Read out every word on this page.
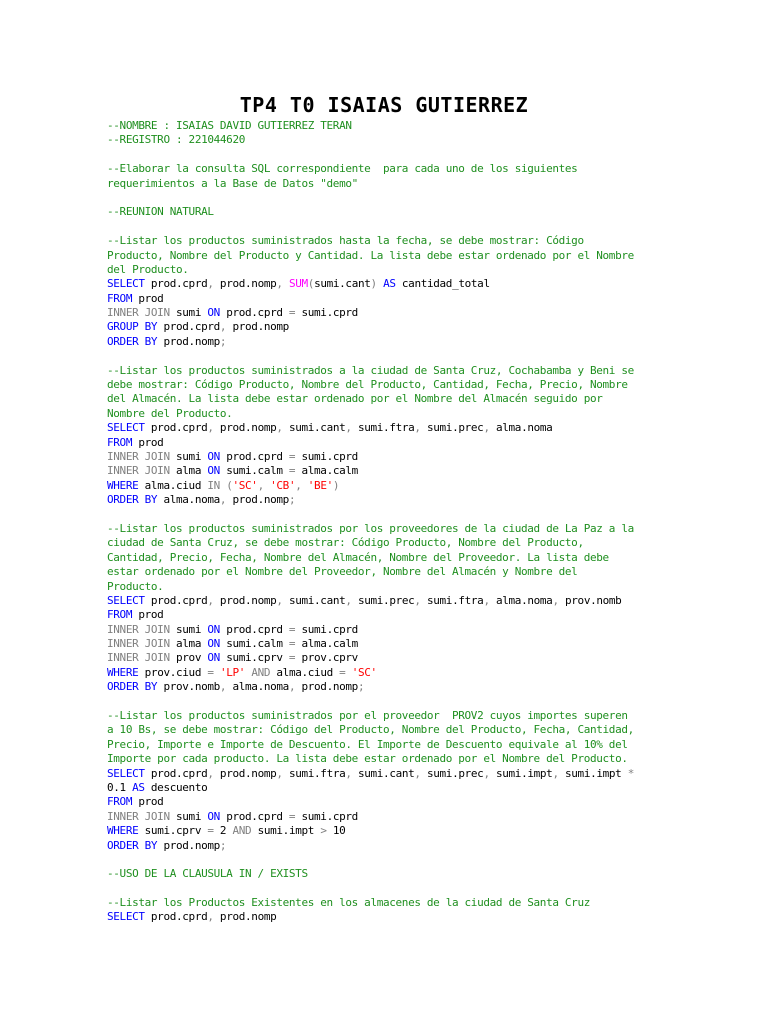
TP4 T0 ISAIAS GUTIERREZ
--NOMBRE : ISAIAS DAVID GUTIERREZ TERAN
--REGISTRO : 221044620

--Elaborar la consulta SQL correspondiente  para cada uno de los siguientes
requerimientos a la Base de Datos "demo"

--REUNION NATURAL

--Listar los productos suministrados hasta la fecha, se debe mostrar: Código
Producto, Nombre del Producto y Cantidad. La lista debe estar ordenado por el Nombre
del Producto.
SELECT prod.cprd, prod.nomp, SUM(sumi.cant) AS cantidad_total
FROM prod
INNER JOIN sumi ON prod.cprd = sumi.cprd
GROUP BY prod.cprd, prod.nomp
ORDER BY prod.nomp;

--Listar los productos suministrados a la ciudad de Santa Cruz, Cochabamba y Beni se
debe mostrar: Código Producto, Nombre del Producto, Cantidad, Fecha, Precio, Nombre
del Almacén. La lista debe estar ordenado por el Nombre del Almacén seguido por
Nombre del Producto.
SELECT prod.cprd, prod.nomp, sumi.cant, sumi.ftra, sumi.prec, alma.noma
FROM prod
INNER JOIN sumi ON prod.cprd = sumi.cprd
INNER JOIN alma ON sumi.calm = alma.calm
WHERE alma.ciud IN ('SC', 'CB', 'BE')
ORDER BY alma.noma, prod.nomp;

--Listar los productos suministrados por los proveedores de la ciudad de La Paz a la
ciudad de Santa Cruz, se debe mostrar: Código Producto, Nombre del Producto,
Cantidad, Precio, Fecha, Nombre del Almacén, Nombre del Proveedor. La lista debe
estar ordenado por el Nombre del Proveedor, Nombre del Almacén y Nombre del
Producto.
SELECT prod.cprd, prod.nomp, sumi.cant, sumi.prec, sumi.ftra, alma.noma, prov.nomb
FROM prod
INNER JOIN sumi ON prod.cprd = sumi.cprd
INNER JOIN alma ON sumi.calm = alma.calm
INNER JOIN prov ON sumi.cprv = prov.cprv
WHERE prov.ciud = 'LP' AND alma.ciud = 'SC'
ORDER BY prov.nomb, alma.noma, prod.nomp;

--Listar los productos suministrados por el proveedor  PROV2 cuyos importes superen
a 10 Bs, se debe mostrar: Código del Producto, Nombre del Producto, Fecha, Cantidad,
Precio, Importe e Importe de Descuento. El Importe de Descuento equivale al 10% del
Importe por cada producto. La lista debe estar ordenado por el Nombre del Producto.
SELECT prod.cprd, prod.nomp, sumi.ftra, sumi.cant, sumi.prec, sumi.impt, sumi.impt *
0.1 AS descuento
FROM prod
INNER JOIN sumi ON prod.cprd = sumi.cprd
WHERE sumi.cprv = 2 AND sumi.impt > 10
ORDER BY prod.nomp;

--USO DE LA CLAUSULA IN / EXISTS

--Listar los Productos Existentes en los almacenes de la ciudad de Santa Cruz
SELECT prod.cprd, prod.nomp
